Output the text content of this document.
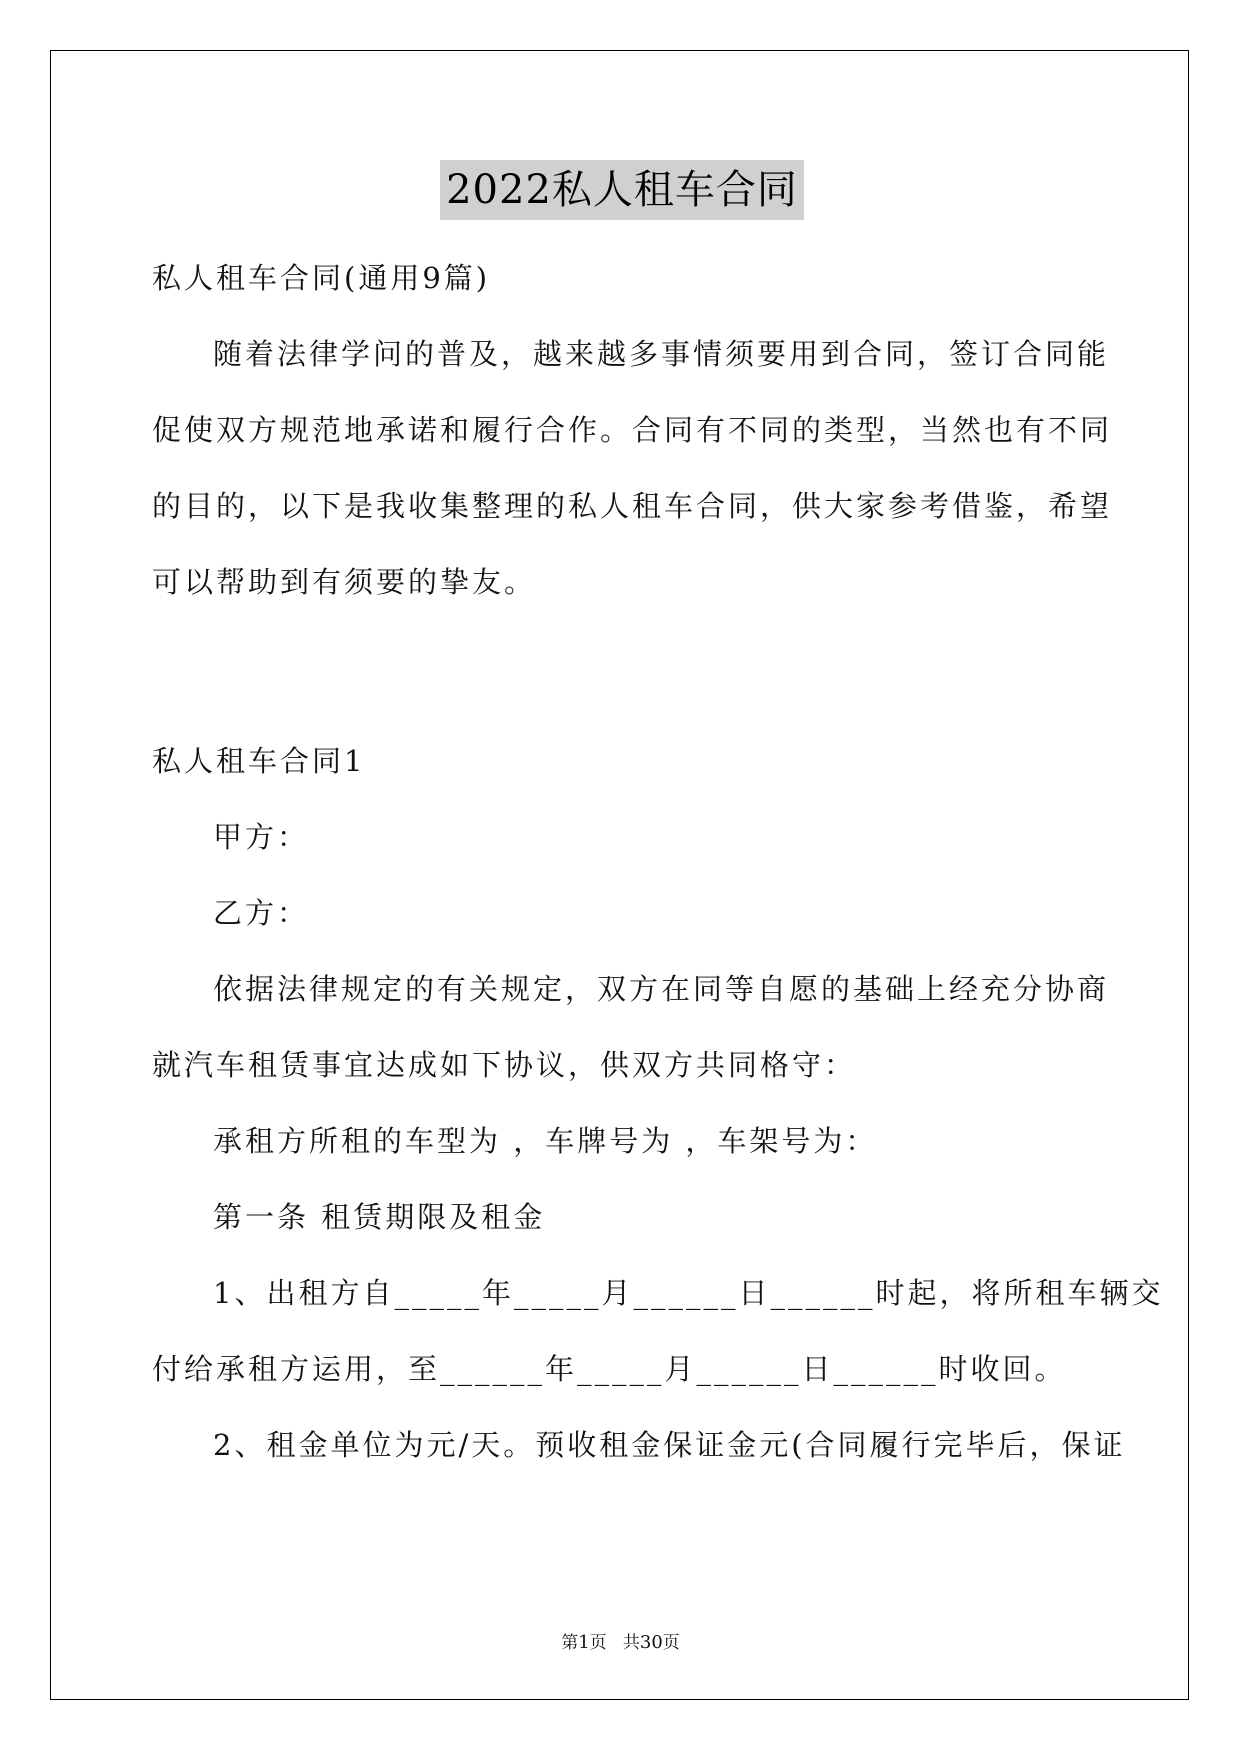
2022私人租车合同
私人租车合同(通用9篇)
随着法律学问的普及，越来越多事情须要用到合同，签订合同能
促使双方规范地承诺和履行合作。合同有不同的类型，当然也有不同
的目的，以下是我收集整理的私人租车合同，供大家参考借鉴，希望
可以帮助到有须要的挚友。
私人租车合同1
甲方：
乙方：
依据法律规定的有关规定，双方在同等自愿的基础上经充分协商
就汽车租赁事宜达成如下协议，供双方共同格守：
承租方所租的车型为 ，车牌号为 ，车架号为：
第一条 租赁期限及租金
1、出租方自_____年_____月______日______时起，将所租车辆交
付给承租方运用，至______年_____月______日______时收回。
2、租金单位为元/天。预收租金保证金元(合同履行完毕后，保证
第1页   共30页
